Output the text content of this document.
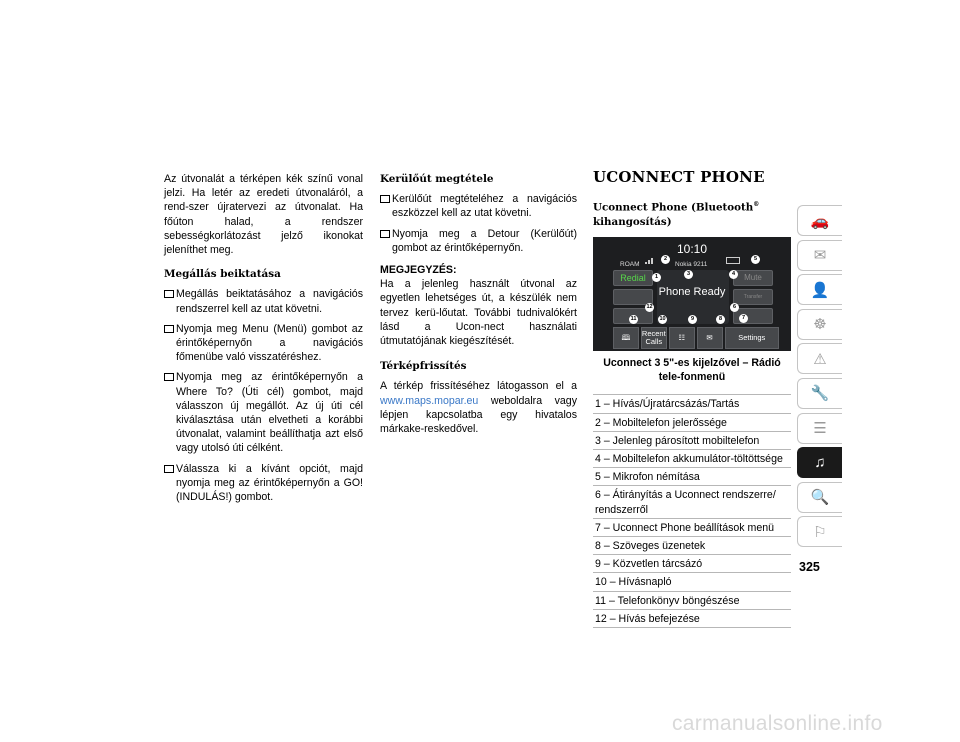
Az útvonalát a térképen kék színű vonal jelzi. Ha letér az eredeti útvonaláról, a rend-szer újratervezi az útvonalat. Ha főúton halad, a rendszer sebességkorlátozást jelző ikonokat jeleníthet meg.

Megállás beiktatása
Megállás beiktatásához a navigációs rendszerrel kell az utat követni.
Nyomja meg Menu (Menü) gombot az érintőképernyőn a navigációs főmenübe való visszatéréshez.
Nyomja meg az érintőképernyőn a Where To? (Úti cél) gombot, majd válasszon új megállót. Az új úti cél kiválasztása után elvetheti a korábbi útvonalat, valamint beállíthatja azt első vagy utolsó úti célként.
Válassza ki a kívánt opciót, majd nyomja meg az érintőképernyőn a GO! (INDULÁS!) gombot.
Kerülőút megtétele
Kerülőút megtételéhez a navigációs eszközzel kell az utat követni.
Nyomja meg a Detour (Kerülőút) gombot az érintőképernyőn.
MEGJEGYZÉS:

Ha a jelenleg használt útvonal az egyetlen lehetséges út, a készülék nem tervez kerü-lőutat. További tudnivalókért lásd a Ucon-nect használati útmutatójának kiegészítését.

Térképfrissítés

A térkép frissítéséhez látogasson el a www.maps.mopar.eu weboldalra vagy lépjen kapcsolatba egy hivatalos márkake-reskedővel.

UCONNECT PHONE
Uconnect Phone (Bluetooth® kihangosítás)
10:10
ROAM	Nokia 9211
Phone Ready
Redial	Mute
Transfer
🕮	Recent
Calls	☷	✉	Settings
1
2
3	4
5
6
7
8
9
10
11
12
Uconnect 3 5"-es kijelzővel – Rádió tele-fonmenü
1 – Hívás/Újratárcsázás/Tartás
2 – Mobiltelefon jelerőssége
3 – Jelenleg párosított mobiltelefon
4 – Mobiltelefon akkumulátor-töltöttsége
5 – Mikrofon némítása
6 – Átirányítás a Uconnect rendszerre/ rendszerről
7 – Uconnect Phone beállítások menü
8 – Szöveges üzenetek
9 – Közvetlen tárcsázó
10 – Hívásnapló
11 – Telefonkönyv böngészése
12 – Hívás befejezése
🚗
✉
👤
☸
⚠
🔧
☰
♫
🔍
⚐
325
carmanualsonline.info
